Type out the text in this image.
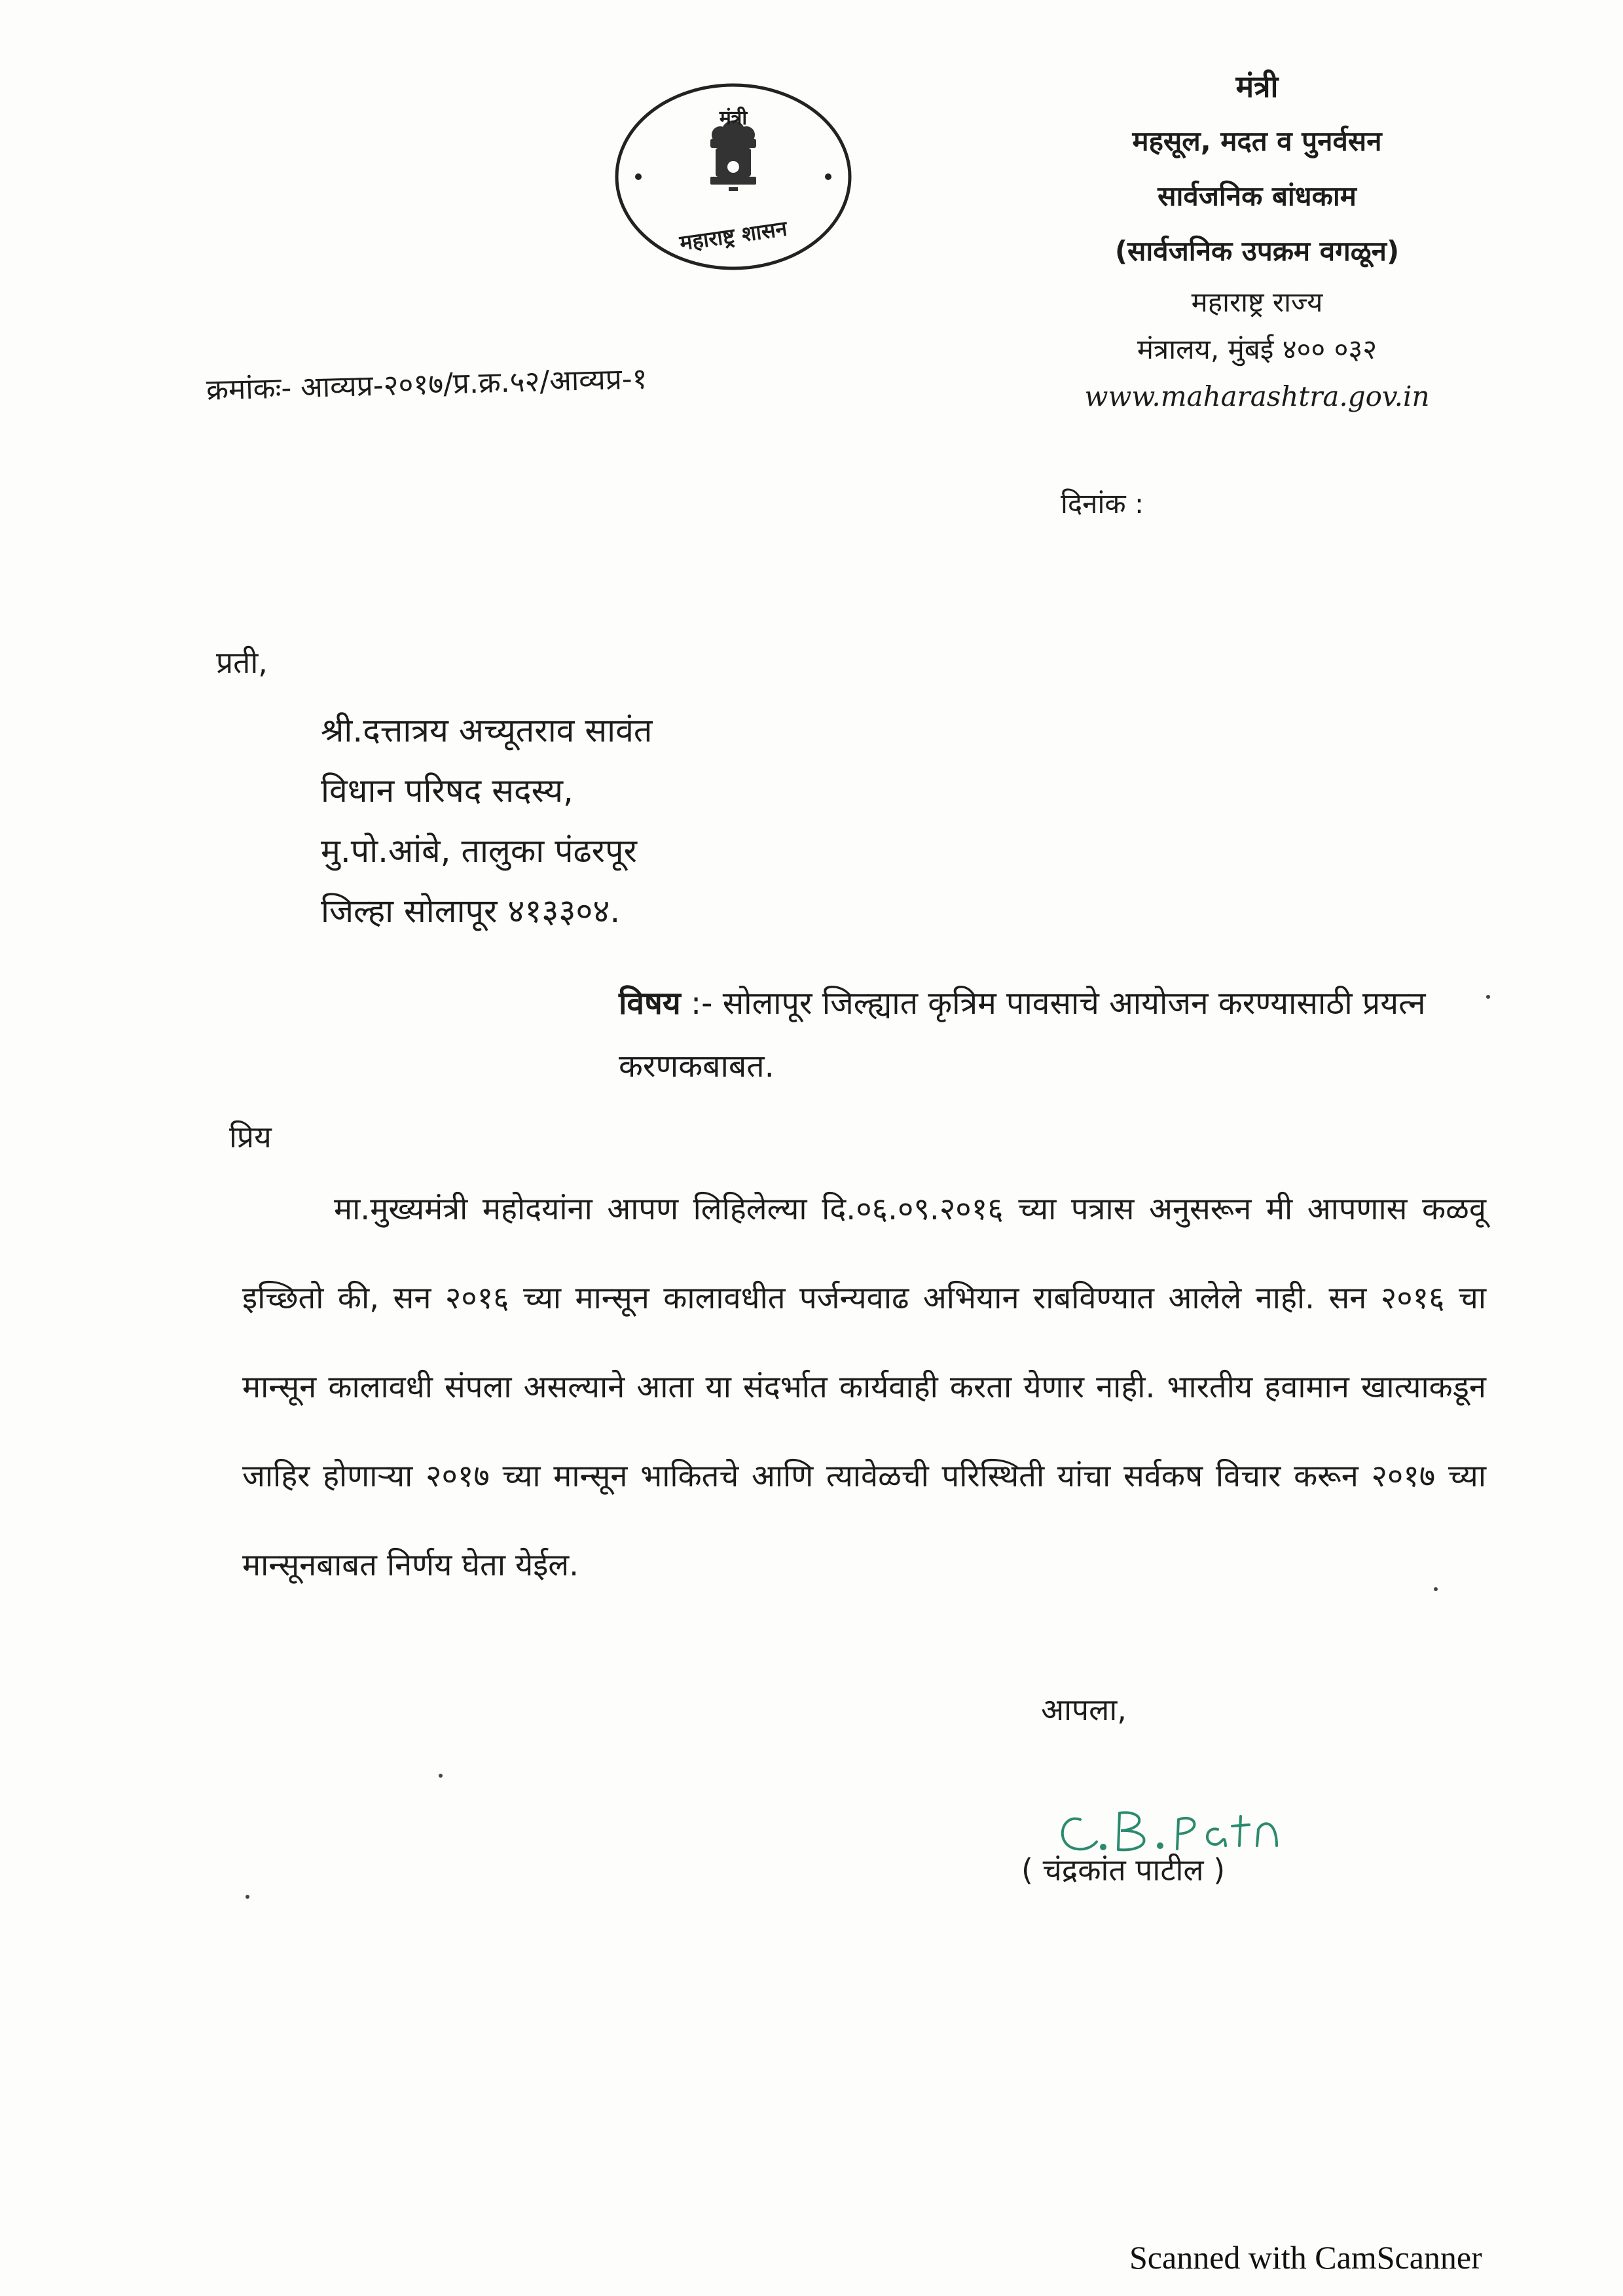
मंत्री
महाराष्ट्र शासन
मंत्री
महसूल, मदत व पुनर्वसन
सार्वजनिक बांधकाम
(सार्वजनिक उपक्रम वगळून)
महाराष्ट्र राज्य
मंत्रालय, मुंबई ४०० ०३२
www.maharashtra.gov.in
क्रमांकः- आव्यप्र-२०१७/प्र.क्र.५२/आव्यप्र-१
दिनांक :
प्रती,
श्री.दत्तात्रय अच्यूतराव सावंत
विधान परिषद सदस्य,
मु.पो.आंबे, तालुका पंढरपूर
जिल्हा सोलापूर ४१३३०४.
विषय :- सोलापूर जिल्ह्यात कृत्रिम पावसाचे आयोजन करण्यासाठी प्रयत्न करणकबाबत.
प्रिय
मा.मुख्यमंत्री महोदयांना आपण लिहिलेल्या दि.०६.०९.२०१६ च्या पत्रास अनुसरून मी आपणास कळवू इच्छितो की, सन २०१६ च्या मान्सून कालावधीत पर्जन्यवाढ अभियान राबविण्यात आलेले नाही. सन २०१६ चा मान्सून कालावधी संपला असल्याने आता या संदर्भात कार्यवाही करता येणार नाही. भारतीय हवामान खात्याकडून जाहिर होणाऱ्या २०१७ च्या मान्सून भाकितचे आणि त्यावेळची परिस्थिती यांचा सर्वकष विचार करून २०१७ च्या मान्सूनबाबत निर्णय घेता येईल.
आपला,
( चंद्रकांत पाटील )
Scanned with CamScanner
